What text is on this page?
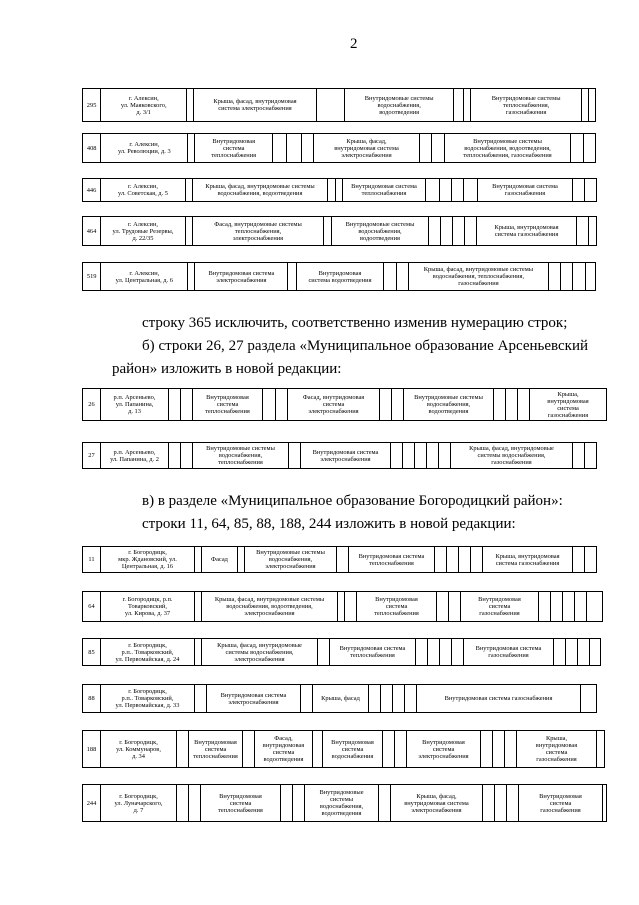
2
295	г. Алексин,
ул. Маяковского,
д. 3/1		Крыша, фасад, внутридомовая
система электроснабжения		Внутридомовые системы
водоснабжения,
водоотведения			Внутридомовые системы
теплоснабжения,
газоснабжения		
408	г. Алексин,
ул. Революции, д. 3		Внутридомовая
система
теплоснабжения				Крыша, фасад,
внутридомовая система
электроснабжения			Внутридомовые системы
водоснабжения, водоотведения,
теплоснабжения, газоснабжения		
446	г. Алексин,
ул. Советская, д. 5		Крыша, фасад, внутридомовые системы
водоснабжения, водоотведения			Внутридомовая система
теплоснабжения					Внутридомовая система
газоснабжения		
464	г. Алексин,
ул. Трудовые Резервы,
д. 22/35		Фасад, внутридомовые системы
теплоснабжения,
электроснабжения		Внутридомовые системы
водоснабжения,
водоотведения					Крыша, внутридомовая
система газоснабжения		
519	г. Алексин,
ул. Центральная, д. 6		Внутридомовая система
электроснабжения		Внутридомовая
система водоотведения			Крыша, фасад, внутридомовые системы
водоснабжения, теплоснабжения,
газоснабжения				

строку 365 исключить, соответственно изменив нумерацию строк;

б) строки 26, 27 раздела «Муниципальное образование Арсеньевский район» изложить в новой редакции:

26	р.п. Арсеньево,
ул. Папанина,
д. 13			Внутридомовая
система
теплоснабжения			Фасад, внутридомовая
система
электроснабжения			Внутридомовые системы
водоснабжения,
водоотведения				Крыша,
внутридомовая
система
газоснабжения
27	р.п. Арсеньево,
ул. Папанина, д. 2			Внутридомовые системы
водоснабжения,
теплоснабжения		Внутридомовая система
электроснабжения						Крыша, фасад, внутридомовые
системы водоснабжения,
газоснабжения		

в) в разделе «Муниципальное образование Богородицкий район»:

строки 11, 64, 85, 88, 188, 244 изложить в новой редакции:

11	г. Богородицк,
мкр. Ждановский, ул.
Центральная, д. 16		Фасад		Внутридомовые системы
водоснабжения,
электроснабжения		Внутридомовая система
теплоснабжения					Крыша, внутридомовая
система газоснабжения		
64	г. Богородицк, р.п.
Товарковский,
ул. Кирова, д. 37		Крыша, фасад, внутридомовые системы
водоснабжения, водоотведения,
электроснабжения			Внутридомовая
система
теплоснабжения			Внутридомовая
система
газоснабжения					
85	г. Богородицк,
р.п.. Товарковский,
ул. Первомайская, д. 24		Крыша, фасад, внутридомовые
системы водоснабжения,
электроснабжения		Внутридомовая система
теплоснабжения					Внутридомовая система
газоснабжения				
88	г. Богородицк,
р.п.. Товарковский,
ул. Первомайская, д. 33		Внутридомовая система
электроснабжения		Крыша, фасад					Внутридомовая система газоснабжения	
188	г. Богородицк,
ул. Коммунаров,
д. 34		Внутридомовая
система
теплоснабжения		Фасад,
внутридомовая
система
водоотведения		Внутридомовая
система
водоснабжения			Внутридомовая
система
электроснабжения				Крыша,
внутридомовая
система
газоснабжения	
244	г. Богородицк,
ул. Луначарского,
д. 7			Внутридомовая
система
теплоснабжения			Внутридомовые
системы
водоснабжения,
водоотведения		Крыша, фасад,
внутридомовая система
электроснабжения				Внутридомовая
система
газоснабжения	
